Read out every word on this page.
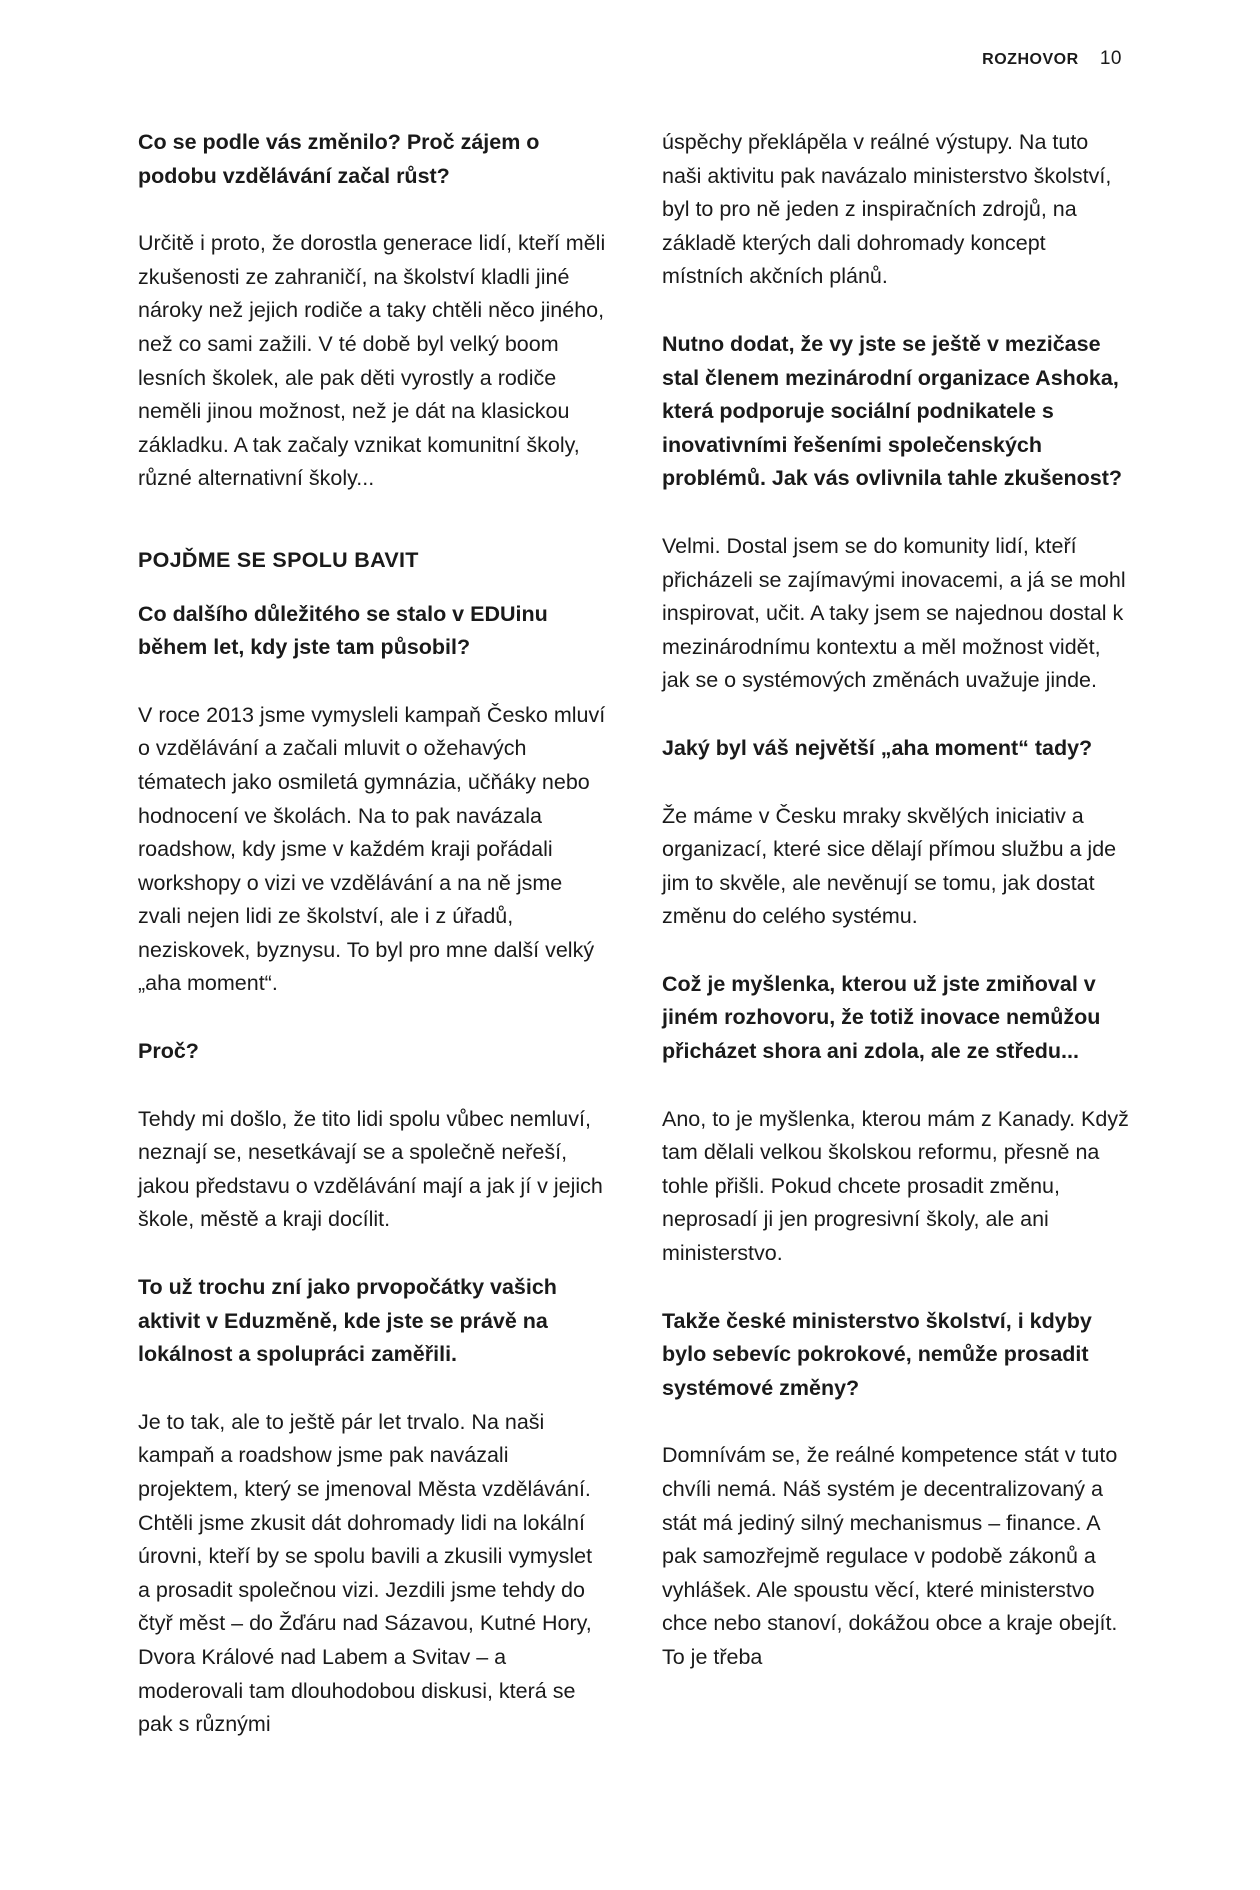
ROZHOVOR 10

Co se podle vás změnilo? Proč zájem o podobu vzdělávání začal růst?

Určitě i proto, že dorostla generace lidí, kteří měli zkušenosti ze zahraničí, na školství kladli jiné nároky než jejich rodiče a taky chtěli něco jiného, než co sami zažili. V té době byl velký boom lesních školek, ale pak děti vyrostly a rodiče neměli jinou možnost, než je dát na klasickou základku. A tak začaly vznikat komunitní školy, různé alternativní školy...

POJĎME SE SPOLU BAVIT

Co dalšího důležitého se stalo v EDUinu během let, kdy jste tam působil?

V roce 2013 jsme vymysleli kampaň Česko mluví o vzdělávání a začali mluvit o ožehavých tématech jako osmiletá gymnázia, učňáky nebo hodnocení ve školách. Na to pak navázala roadshow, kdy jsme v každém kraji pořádali workshopy o vizi ve vzdělávání a na ně jsme zvali nejen lidi ze školství, ale i z úřadů, neziskovek, byznysu. To byl pro mne další velký „aha moment“.

Proč?

Tehdy mi došlo, že tito lidi spolu vůbec nemluví, neznají se, nesetkávají se a společně neřeší, jakou představu o vzdělávání mají a jak jí v jejich škole, městě a kraji docílit.

To už trochu zní jako prvopočátky vašich aktivit v Eduzměně, kde jste se právě na lokálnost a spolupráci zaměřili.

Je to tak, ale to ještě pár let trvalo. Na naši kampaň a roadshow jsme pak navázali projektem, který se jmenoval Města vzdělávání. Chtěli jsme zkusit dát dohromady lidi na lokální úrovni, kteří by se spolu bavili a zkusili vymyslet a prosadit společnou vizi. Jezdili jsme tehdy do čtyř měst – do Žďáru nad Sázavou, Kutné Hory, Dvora Králové nad Labem a Svitav – a moderovali tam dlouhodobou diskusi, která se pak s různými

úspěchy překlápěla v reálné výstupy. Na tuto naši aktivitu pak navázalo ministerstvo školství, byl to pro ně jeden z inspiračních zdrojů, na základě kterých dali dohromady koncept místních akčních plánů.

Nutno dodat, že vy jste se ještě v mezičase stal členem mezinárodní organizace Ashoka, která podporuje sociální podnikatele s inovativními řešeními společenských problémů. Jak vás ovlivnila tahle zkušenost?

Velmi. Dostal jsem se do komunity lidí, kteří přicházeli se zajímavými inovacemi, a já se mohl inspirovat, učit. A taky jsem se najednou dostal k mezinárodnímu kontextu a měl možnost vidět, jak se o systémových změnách uvažuje jinde.

Jaký byl váš největší „aha moment“ tady?

Že máme v Česku mraky skvělých iniciativ a organizací, které sice dělají přímou službu a jde jim to skvěle, ale nevěnují se tomu, jak dostat změnu do celého systému.

Což je myšlenka, kterou už jste zmiňoval v jiném rozhovoru, že totiž inovace nemůžou přicházet shora ani zdola, ale ze středu...

Ano, to je myšlenka, kterou mám z Kanady. Když tam dělali velkou školskou reformu, přesně na tohle přišli. Pokud chcete prosadit změnu, neprosadí ji jen progresivní školy, ale ani ministerstvo.

Takže české ministerstvo školství, i kdyby bylo sebevíc pokrokové, nemůže prosadit systémové změny?

Domnívám se, že reálné kompetence stát v tuto chvíli nemá. Náš systém je decentralizovaný a stát má jediný silný mechanismus – finance. A pak samozřejmě regulace v podobě zákonů a vyhlášek. Ale spoustu věcí, které ministerstvo chce nebo stanoví, dokážou obce a kraje obejít. To je třeba
